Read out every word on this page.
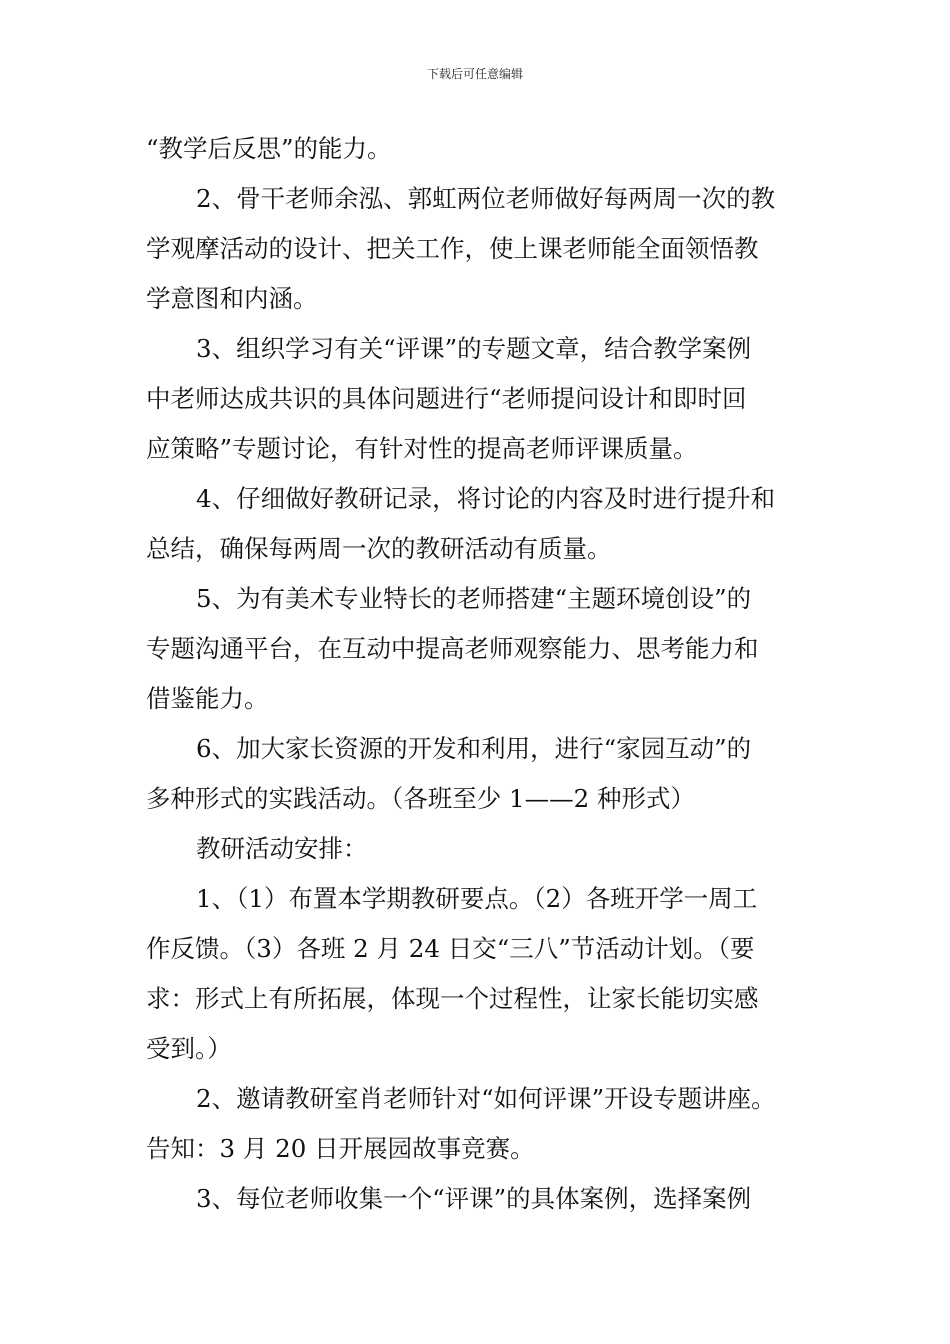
下载后可任意编辑
“教学后反思”的能力。
2、骨干老师余泓、郭虹两位老师做好每两周一次的教
学观摩活动的设计、把关工作，使上课老师能全面领悟教
学意图和内涵。
3、组织学习有关“评课”的专题文章，结合教学案例
中老师达成共识的具体问题进行“老师提问设计和即时回
应策略”专题讨论，有针对性的提高老师评课质量。
4、仔细做好教研记录，将讨论的内容及时进行提升和
总结，确保每两周一次的教研活动有质量。
5、为有美术专业特长的老师搭建“主题环境创设”的
专题沟通平台，在互动中提高老师观察能力、思考能力和
借鉴能力。
6、加大家长资源的开发和利用，进行“家园互动”的
多种形式的实践活动。（各班至少 1——2 种形式）
教研活动安排：
1、（1）布置本学期教研要点。（2）各班开学一周工
作反馈。（3）各班 2 月 24 日交“三八”节活动计划。（要
求：形式上有所拓展，体现一个过程性，让家长能切实感
受到。）
2、邀请教研室肖老师针对“如何评课”开设专题讲座。
告知：3 月 20 日开展园故事竞赛。
3、每位老师收集一个“评课”的具体案例，选择案例
